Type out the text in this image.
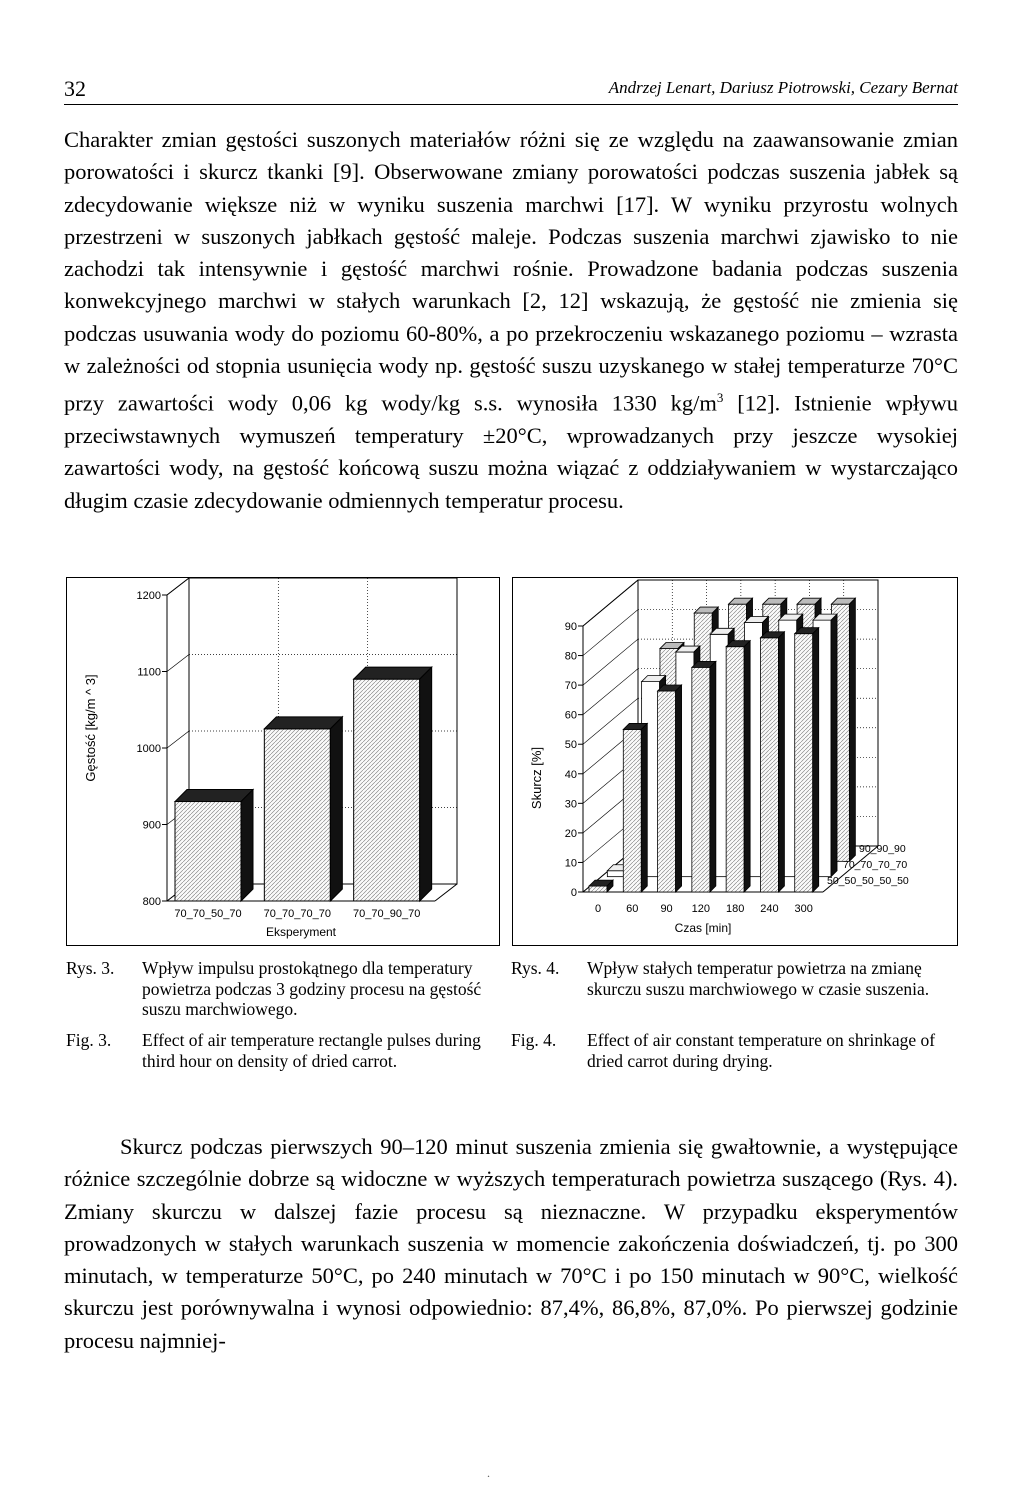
32	Andrzej Lenart, Dariusz Piotrowski, Cezary Bernat

Charakter zmian gęstości suszonych materiałów różni się ze względu na zaawansowanie zmian porowatości i skurcz tkanki [9]. Obserwowane zmiany porowatości podczas suszenia jabłek są zdecydowanie większe niż w wyniku suszenia marchwi [17]. W wyniku przyrostu wolnych przestrzeni w suszonych jabłkach gęstość maleje. Podczas suszenia marchwi zjawisko to nie zachodzi tak intensywnie i gęstość marchwi rośnie. Prowadzone badania podczas suszenia konwekcyjnego marchwi w stałych warunkach [2, 12] wskazują, że gęstość nie zmienia się podczas usuwania wody do poziomu 60-80%, a po przekroczeniu wskazanego poziomu – wzrasta w zależności od stopnia usunięcia wody np. gęstość suszu uzyskanego w stałej temperaturze 70°C przy zawartości wody 0,06 kg wody/kg s.s. wynosiła 1330 $kg/m^3$ [12]. Istnienie wpływu przeciwstawnych wymuszeń temperatury ±20°C, wprowadzanych przy jeszcze wysokiej zawartości wody, na gęstość końcową suszu można wiązać z oddziaływaniem w wystarczająco długim czasie zdecydowanie odmiennych temperatur procesu.

800
900
1000
1100
1200
Gęstość [kg/m ^ 3]
70_70_50_70 70_70_70_70 70_70_90_70
Eksperyment
0
10
20
30
40
50
60
70
80
90
Skurcz [%]
0 60 90 120 180 240 300
Czas [min]
50_50_50_50_50
70_70_70_70
90_90_90
Rys. 3. Wpływ impulsu prostokątnego dla temperatury powietrza podczas 3 godziny procesu na gęstość suszu marchwiowego.
Fig. 3. Effect of air temperature rectangle pulses during third hour on density of dried carrot.
Rys. 4. Wpływ stałych temperatur powietrza na zmianę skurczu suszu marchwiowego w czasie suszenia.
Fig. 4. Effect of air constant temperature on shrinkage of dried carrot during drying.

Skurcz podczas pierwszych 90–120 minut suszenia zmienia się gwałtownie, a występujące różnice szczególnie dobrze są widoczne w wyższych temperaturach powietrza suszącego (Rys. 4). Zmiany skurczu w dalszej fazie procesu są nieznaczne. W przypadku eksperymentów prowadzonych w stałych warunkach suszenia w momencie zakończenia doświadczeń, tj. po 300 minutach, w temperaturze 50°C, po 240 minutach w 70°C i po 150 minutach w 90°C, wielkość skurczu jest porównywalna i wynosi odpowiednio: 87,4%, 86,8%, 87,0%. Po pierwszej godzinie procesu najmniej-

.
